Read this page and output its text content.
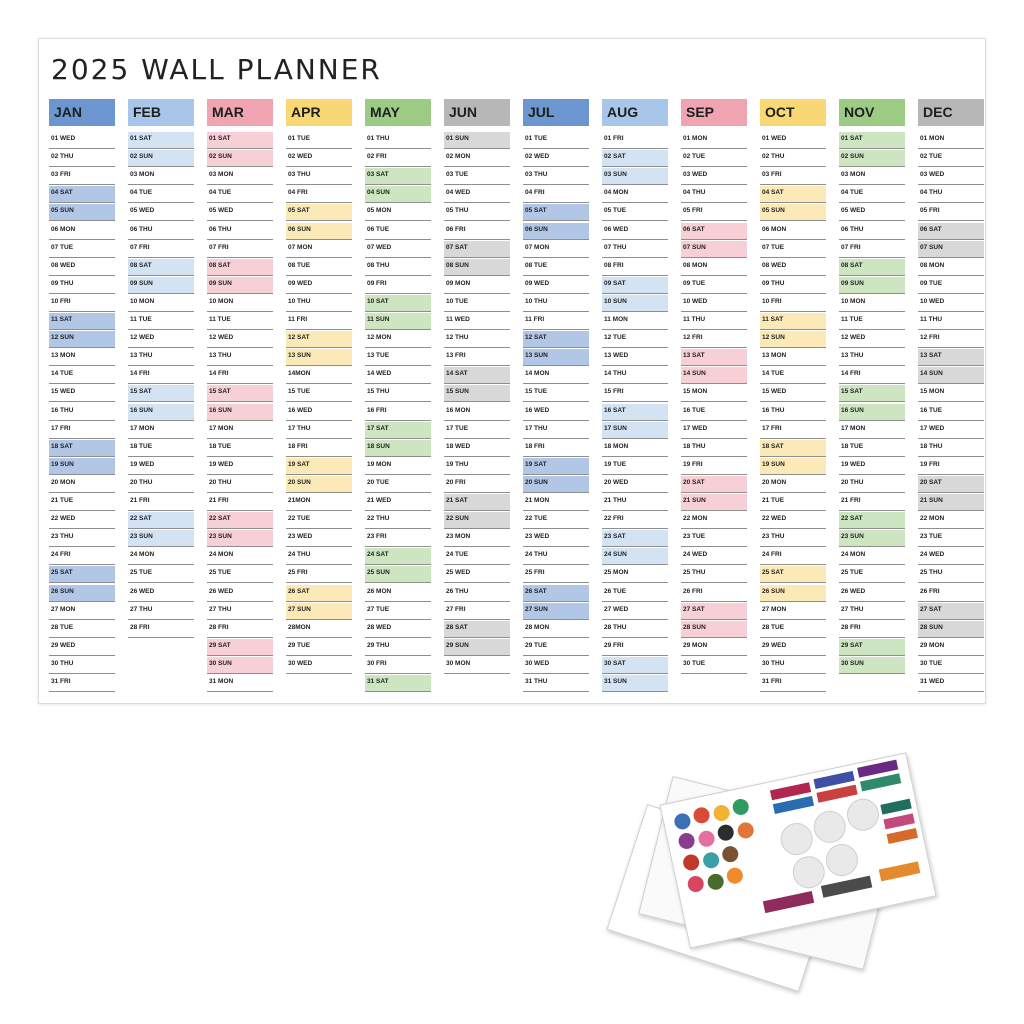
2025 WALL PLANNER
JAN
01 WED
02 THU
03 FRI
04 SAT
05 SUN
06 MON
07 TUE
08 WED
09 THU
10 FRI
11 SAT
12 SUN
13 MON
14 TUE
15 WED
16 THU
17 FRI
18 SAT
19 SUN
20 MON
21 TUE
22 WED
23 THU
24 FRI
25 SAT
26 SUN
27 MON
28 TUE
29 WED
30 THU
31 FRI
FEB
01 SAT
02 SUN
03 MON
04 TUE
05 WED
06 THU
07 FRI
08 SAT
09 SUN
10 MON
11 TUE
12 WED
13 THU
14 FRI
15 SAT
16 SUN
17 MON
18 TUE
19 WED
20 THU
21 FRI
22 SAT
23 SUN
24 MON
25 TUE
26 WED
27 THU
28 FRI
MAR
01 SAT
02 SUN
03 MON
04 TUE
05 WED
06 THU
07 FRI
08 SAT
09 SUN
10 MON
11 TUE
12 WED
13 THU
14 FRI
15 SAT
16 SUN
17 MON
18 TUE
19 WED
20 THU
21 FRI
22 SAT
23 SUN
24 MON
25 TUE
26 WED
27 THU
28 FRI
29 SAT
30 SUN
31 MON
APR
01 TUE
02 WED
03 THU
04 FRI
05 SAT
06 SUN
07 MON
08 TUE
09 WED
10 THU
11 FRI
12 SAT
13 SUN
14MON
15 TUE
16 WED
17 THU
18 FRI
19 SAT
20 SUN
21MON
22 TUE
23 WED
24 THU
25 FRI
26 SAT
27 SUN
28MON
29 TUE
30 WED
MAY
01 THU
02 FRI
03 SAT
04 SUN
05 MON
06 TUE
07 WED
08 THU
09 FRI
10 SAT
11 SUN
12 MON
13 TUE
14 WED
15 THU
16 FRI
17 SAT
18 SUN
19 MON
20 TUE
21 WED
22 THU
23 FRI
24 SAT
25 SUN
26 MON
27 TUE
28 WED
29 THU
30 FRI
31 SAT
JUN
01 SUN
02 MON
03 TUE
04 WED
05 THU
06 FRI
07 SAT
08 SUN
09 MON
10 TUE
11 WED
12 THU
13 FRI
14 SAT
15 SUN
16 MON
17 TUE
18 WED
19 THU
20 FRI
21 SAT
22 SUN
23 MON
24 TUE
25 WED
26 THU
27 FRI
28 SAT
29 SUN
30 MON
JUL
01 TUE
02 WED
03 THU
04 FRI
05 SAT
06 SUN
07 MON
08 TUE
09 WED
10 THU
11 FRI
12 SAT
13 SUN
14 MON
15 TUE
16 WED
17 THU
18 FRI
19 SAT
20 SUN
21 MON
22 TUE
23 WED
24 THU
25 FRI
26 SAT
27 SUN
28 MON
29 TUE
30 WED
31 THU
AUG
01 FRI
02 SAT
03 SUN
04 MON
05 TUE
06 WED
07 THU
08 FRI
09 SAT
10 SUN
11 MON
12 TUE
13 WED
14 THU
15 FRI
16 SAT
17 SUN
18 MON
19 TUE
20 WED
21 THU
22 FRI
23 SAT
24 SUN
25 MON
26 TUE
27 WED
28 THU
29 FRI
30 SAT
31 SUN
SEP
01 MON
02 TUE
03 WED
04 THU
05 FRI
06 SAT
07 SUN
08 MON
09 TUE
10 WED
11 THU
12 FRI
13 SAT
14 SUN
15 MON
16 TUE
17 WED
18 THU
19 FRI
20 SAT
21 SUN
22 MON
23 TUE
24 WED
25 THU
26 FRI
27 SAT
28 SUN
29 MON
30 TUE
OCT
01 WED
02 THU
03 FRI
04 SAT
05 SUN
06 MON
07 TUE
08 WED
09 THU
10 FRI
11 SAT
12 SUN
13 MON
14 TUE
15 WED
16 THU
17 FRI
18 SAT
19 SUN
20 MON
21 TUE
22 WED
23 THU
24 FRI
25 SAT
26 SUN
27 MON
28 TUE
29 WED
30 THU
31 FRI
NOV
01 SAT
02 SUN
03 MON
04 TUE
05 WED
06 THU
07 FRI
08 SAT
09 SUN
10 MON
11 TUE
12 WED
13 THU
14 FRI
15 SAT
16 SUN
17 MON
18 TUE
19 WED
20 THU
21 FRI
22 SAT
23 SUN
24 MON
25 TUE
26 WED
27 THU
28 FRI
29 SAT
30 SUN
DEC
01 MON
02 TUE
03 WED
04 THU
05 FRI
06 SAT
07 SUN
08 MON
09 TUE
10 WED
11 THU
12 FRI
13 SAT
14 SUN
15 MON
16 TUE
17 WED
18 THU
19 FRI
20 SAT
21 SUN
22 MON
23 TUE
24 WED
25 THU
26 FRI
27 SAT
28 SUN
29 MON
30 TUE
31 WED
